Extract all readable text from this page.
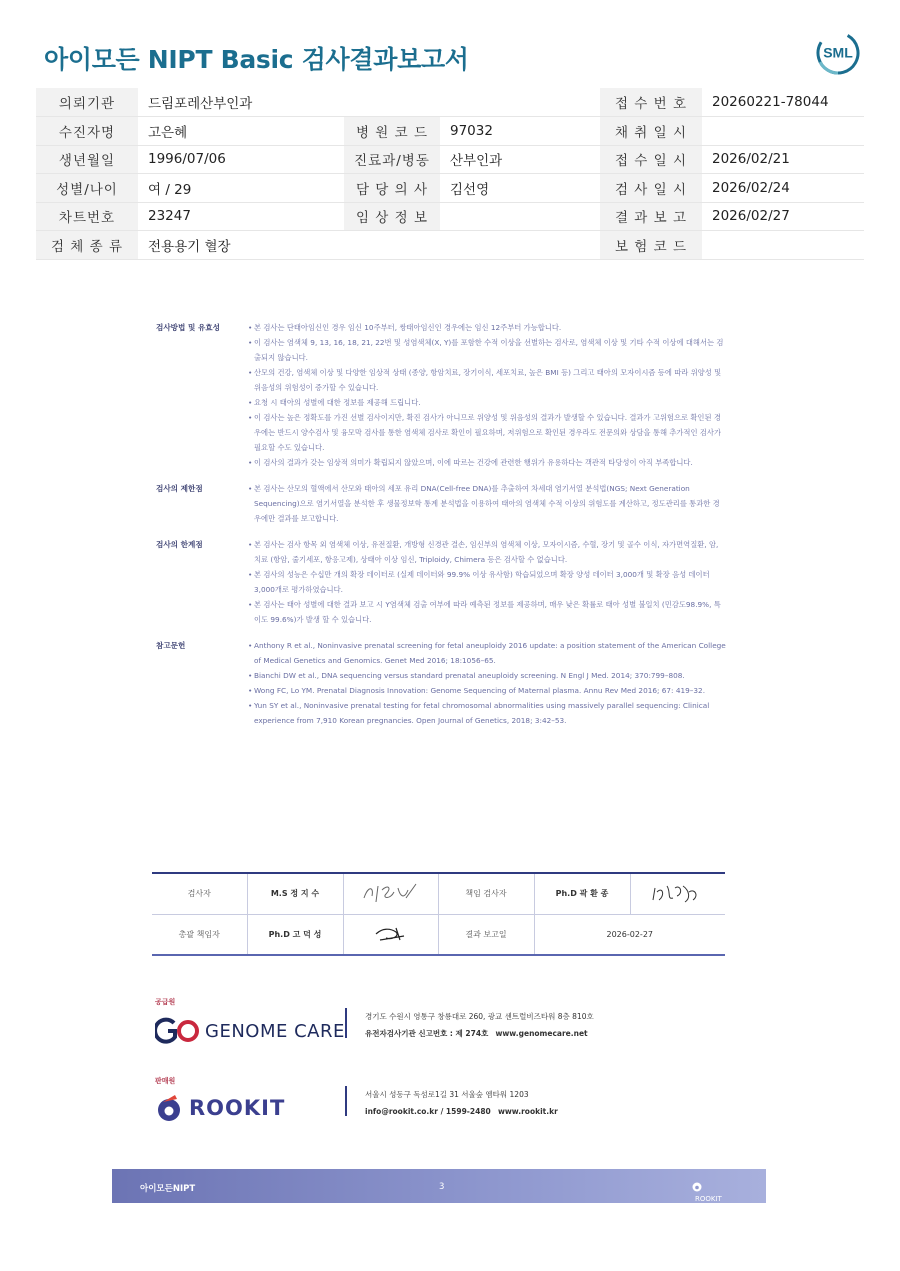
아이모든 NIPT Basic 검사결과보고서	SML
의뢰기관	드림포레산부인과			접 수 번 호	20260221-78044
수진자명	고은혜	병 원 코 드	97032	채 취 일 시	
생년월일	1996/07/06	진료과/병동	산부인과	접 수 일 시	2026/02/21
성별/나이	여 / 29	담 당 의 사	김선영	검 사 일 시	2026/02/24
차트번호	23247	임 상 정 보		결 과 보 고	2026/02/27
검 체 종 류	전용용기 혈장			보 험 코 드	
검사방법 및 유효성	• 본 검사는 단태아임신인 경우 임신 10주부터, 쌍태아임신인 경우에는 임신 12주부터 가능합니다.
• 이 검사는 염색체 9, 13, 16, 18, 21, 22번 및 성염색체(X, Y)를 포함한 수적 이상을 선별하는 검사로, 염색체 이상 및 기타 수적 이상에 대해서는 검출되지 않습니다.
• 산모의 건강, 염색체 이상 및 다양한 임상적 상태 (종양, 항암치료, 장기이식, 세포치료, 높은 BMI 등) 그리고 태아의 모자이시즘 등에 따라 위양성 및 위음성의 위험성이 증가할 수 있습니다.
• 요청 시 태아의 성별에 대한 정보를 제공해 드립니다.
• 이 검사는 높은 정확도를 가진 선별 검사이지만, 확진 검사가 아니므로 위양성 및 위음성의 결과가 발생할 수 있습니다. 결과가 고위험으로 확인된 경우에는 반드시 양수검사 및 융모막 검사를 통한 염색체 검사로 확인이 필요하며, 저위험으로 확인된 경우라도 전문의와 상담을 통해 추가적인 검사가 필요할 수도 있습니다.
• 이 검사의 결과가 갖는 임상적 의미가 확립되지 않았으며, 이에 따르는 건강에 관련한 행위가 유용하다는 객관적 타당성이 아직 부족합니다.
검사의 제한점	• 본 검사는 산모의 혈액에서 산모와 태아의 세포 유리 DNA(Cell-free DNA)를 추출하여 차세대 염기서열 분석법(NGS; Next Generation Sequencing)으로 염기서열을 분석한 후 생물정보학 통계 분석법을 이용하여 태아의 염색체 수적 이상의 위험도를 계산하고, 정도관리를 통과한 경우에만 결과를 보고합니다.
검사의 한계점	• 본 검사는 검사 항목 외 염색체 이상, 유전질환, 개방형 신경관 결손, 임신부의 염색체 이상, 모자이시즘, 수혈, 장기 및 골수 이식, 자가면역질환, 암, 치료 (항암, 줄기세포, 항응고제), 상태아 이상 임신, Triploidy, Chimera 등은 검사할 수 없습니다.
• 본 검사의 성능은 수십만 개의 확장 데이터로 (실제 데이터와 99.9% 이상 유사함) 학습되었으며 확장 양성 데이터 3,000개 및 확장 음성 데이터 3,000개로 평가하였습니다.
• 본 검사는 태아 성별에 대한 결과 보고 시 Y염색체 검출 여부에 따라 예측된 정보를 제공하며, 매우 낮은 확률로 태아 성별 불일치 (민감도98.9%, 특이도 99.6%)가 발생 할 수 있습니다.
참고문헌	• Anthony R et al., Noninvasive prenatal screening for fetal aneuploidy 2016 update: a position statement of the American College of Medical Genetics and Genomics. Genet Med 2016; 18:1056–65.
• Bianchi DW et al., DNA sequencing versus standard prenatal aneuploidy screening. N Engl J Med. 2014; 370:799–808.
• Wong FC, Lo YM. Prenatal Diagnosis Innovation: Genome Sequencing of Maternal plasma. Annu Rev Med 2016; 67: 419–32.
• Yun SY et al., Noninvasive prenatal testing for fetal chromosomal abnormalities using massively parallel sequencing: Clinical experience from 7,910 Korean pregnancies. Open Journal of Genetics, 2018; 3:42–53.
검사자	M.S 정 지 수		책임 검사자	Ph.D 곽 환 종	
총괄 책임자	Ph.D 고 덕 성		결과 보고일	2026-02-27	
공급원
GENOME CARE
경기도 수원시 영통구 창룡대로 260, 광교 센트럴비즈타워 8층 810호
유전자검사기관 신고번호 : 제 274호 www.genomecare.net
판매원
ROOKIT
서울시 성동구 독섬로1길 31 서울숲 엠타워 1203
info@rookit.co.kr / 1599-2480 www.rookit.kr
아이모든NIPT	3
ROOKIT
